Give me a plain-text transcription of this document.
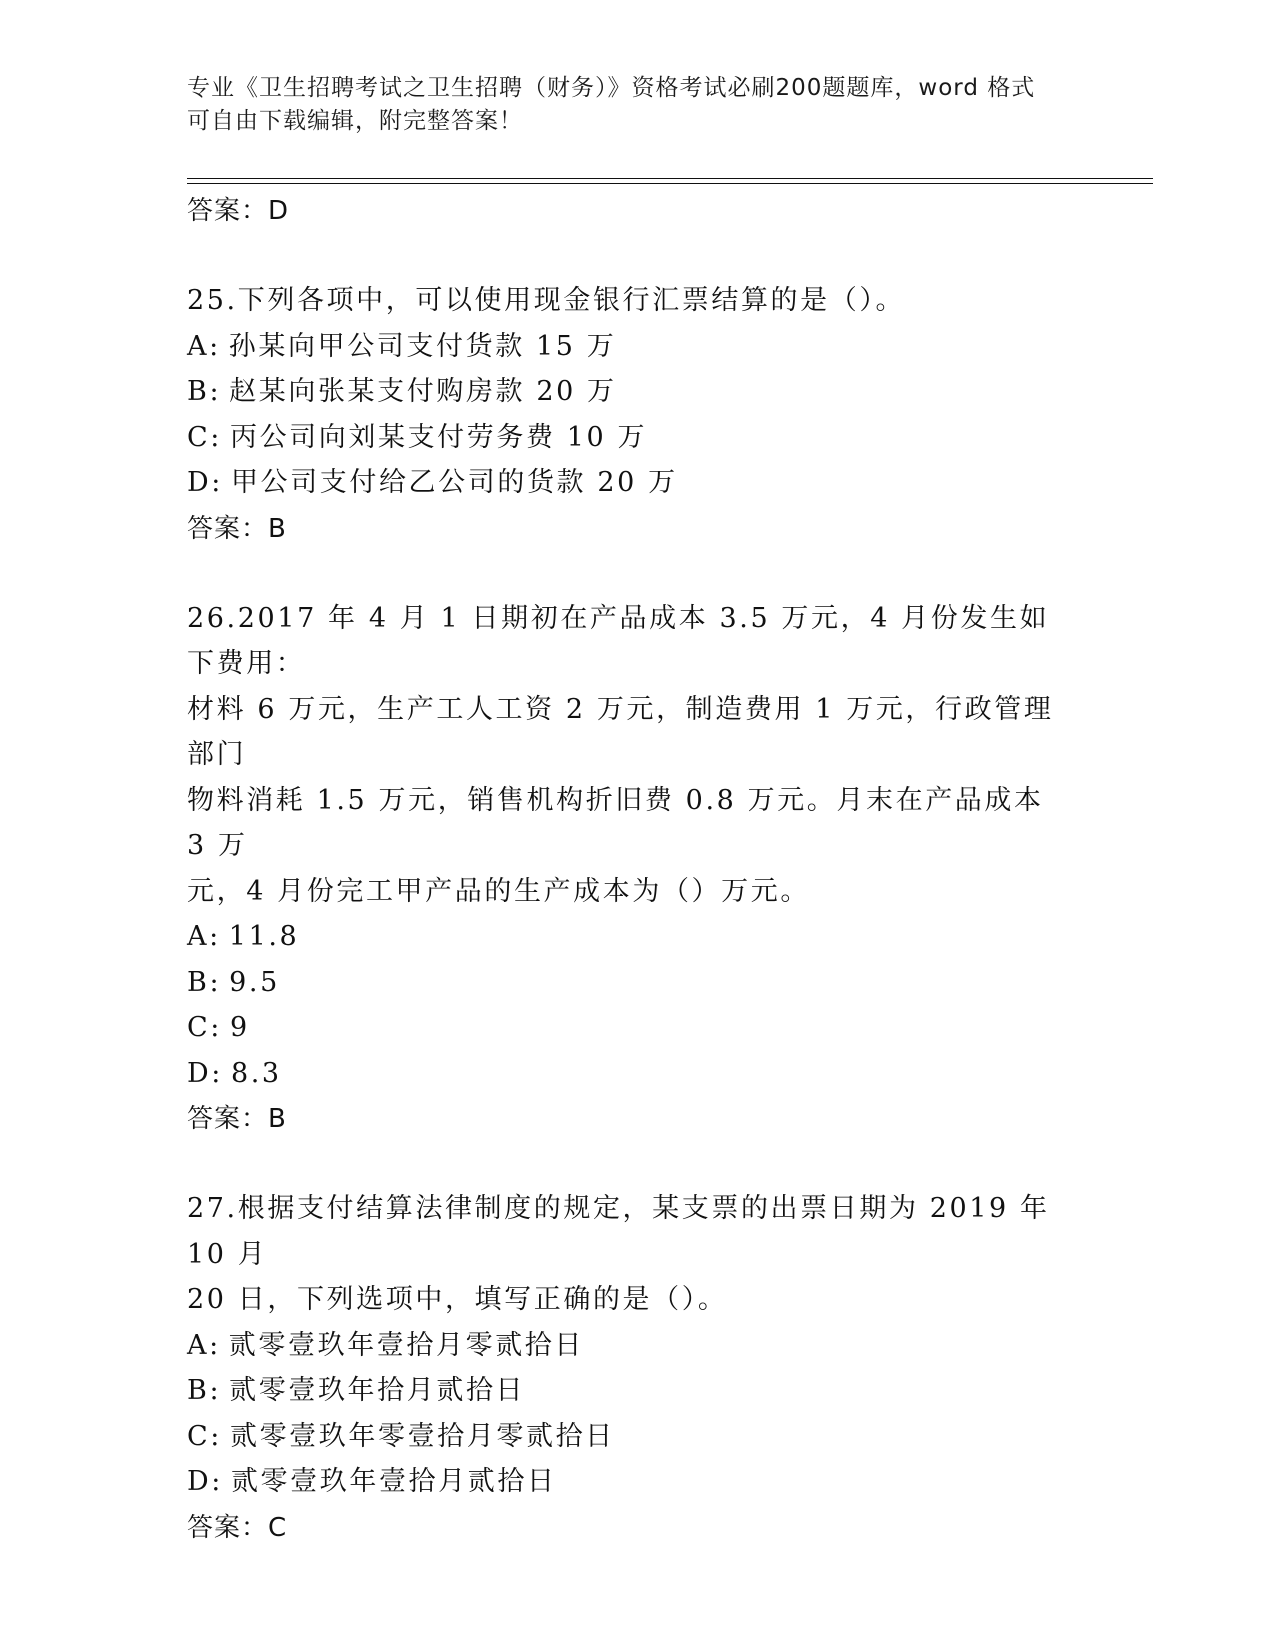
专业《卫生招聘考试之卫生招聘（财务）》资格考试必刷200题题库，word 格式
可自由下载编辑，附完整答案！
答案：D
25.下列各项中，可以使用现金银行汇票结算的是（）。
A: 孙某向甲公司支付货款 15 万
B: 赵某向张某支付购房款 20 万
C: 丙公司向刘某支付劳务费 10 万
D: 甲公司支付给乙公司的货款 20 万
答案：B
26.2017 年 4 月 1 日期初在产品成本 3.5 万元，4 月份发生如下费用：
材料 6 万元，生产工人工资 2 万元，制造费用 1 万元，行政管理部门
物料消耗 1.5 万元，销售机构折旧费 0.8 万元。月末在产品成本 3 万
元，4 月份完工甲产品的生产成本为（）万元。
A: 11.8
B: 9.5
C: 9
D: 8.3
答案：B
27.根据支付结算法律制度的规定，某支票的出票日期为 2019 年 10 月
20 日，下列选项中，填写正确的是（）。
A: 贰零壹玖年壹拾月零贰拾日
B: 贰零壹玖年拾月贰拾日
C: 贰零壹玖年零壹拾月零贰拾日
D: 贰零壹玖年壹拾月贰拾日
答案：C
